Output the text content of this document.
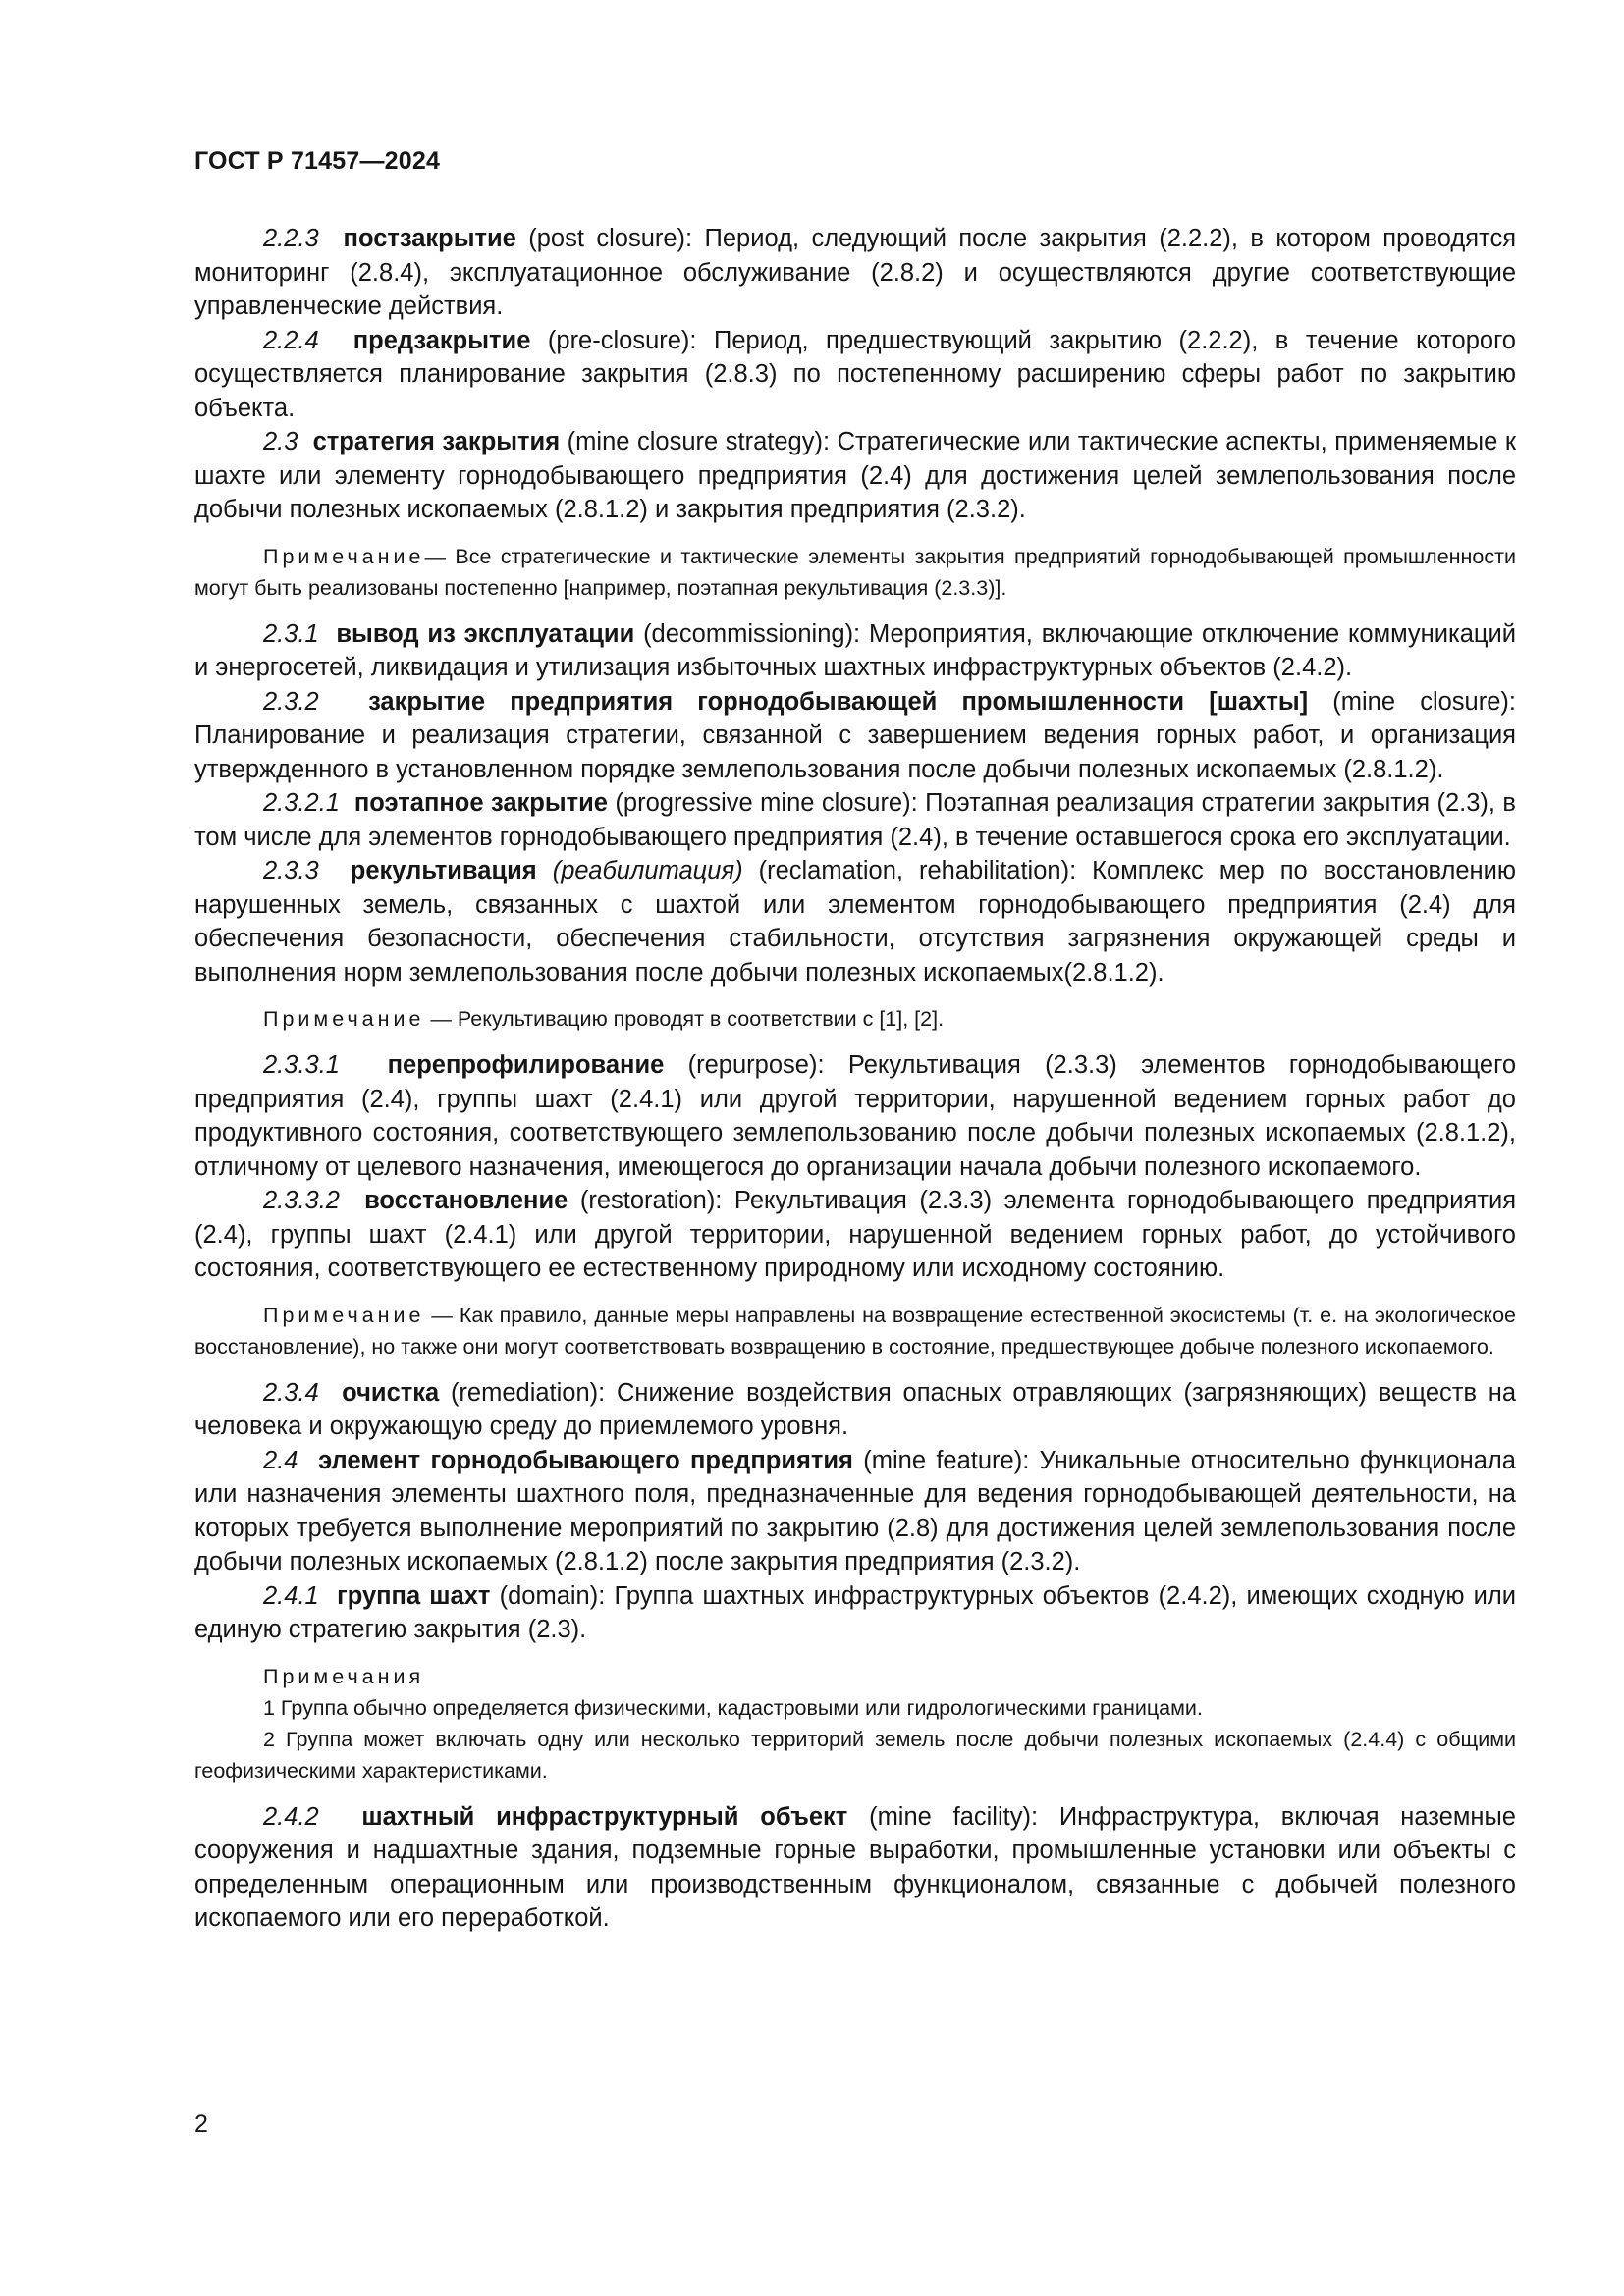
ГОСТ Р 71457—2024

2.2.3 постзакрытие (post closure): Период, следующий после закрытия (2.2.2), в котором проводятся мониторинг (2.8.4), эксплуатационное обслуживание (2.8.2) и осуществляются другие соответствующие управленческие действия.

2.2.4 предзакрытие (pre-closure): Период, предшествующий закрытию (2.2.2), в течение которого осуществляется планирование закрытия (2.8.3) по постепенному расширению сферы работ по закрытию объекта.

2.3 стратегия закрытия (mine closure strategy): Стратегические или тактические аспекты, применяемые к шахте или элементу горнодобывающего предприятия (2.4) для достижения целей землепользования после добычи полезных ископаемых (2.8.1.2) и закрытия предприятия (2.3.2).

Примечание— Все стратегические и тактические элементы закрытия предприятий горнодобывающей промышленности могут быть реализованы постепенно [например, поэтапная рекультивация (2.3.3)].

2.3.1 вывод из эксплуатации (decommissioning): Мероприятия, включающие отключение коммуникаций и энергосетей, ликвидация и утилизация избыточных шахтных инфраструктурных объектов (2.4.2).

2.3.2 закрытие предприятия горнодобывающей промышленности [шахты] (mine closure): Планирование и реализация стратегии, связанной с завершением ведения горных работ, и организация утвержденного в установленном порядке землепользования после добычи полезных ископаемых (2.8.1.2).

2.3.2.1 поэтапное закрытие (progressive mine closure): Поэтапная реализация стратегии закрытия (2.3), в том числе для элементов горнодобывающего предприятия (2.4), в течение оставшегося срока его эксплуатации.

2.3.3 рекультивация (реабилитация) (reclamation, rehabilitation): Комплекс мер по восстановлению нарушенных земель, связанных с шахтой или элементом горнодобывающего предприятия (2.4) для обеспечения безопасности, обеспечения стабильности, отсутствия загрязнения окружающей среды и выполнения норм землепользования после добычи полезных ископаемых(2.8.1.2).

Примечание — Рекультивацию проводят в соответствии с [1], [2].

2.3.3.1 перепрофилирование (repurpose): Рекультивация (2.3.3) элементов горнодобывающего предприятия (2.4), группы шахт (2.4.1) или другой территории, нарушенной ведением горных работ до продуктивного состояния, соответствующего землепользованию после добычи полезных ископаемых (2.8.1.2), отличному от целевого назначения, имеющегося до организации начала добычи полезного ископаемого.

2.3.3.2 восстановление (restoration): Рекультивация (2.3.3) элемента горнодобывающего предприятия (2.4), группы шахт (2.4.1) или другой территории, нарушенной ведением горных работ, до устойчивого состояния, соответствующего ее естественному природному или исходному состоянию.

Примечание — Как правило, данные меры направлены на возвращение естественной экосистемы (т. е. на экологическое восстановление), но также они могут соответствовать возвращению в состояние, предшествующее добыче полезного ископаемого.

2.3.4 очистка (remediation): Снижение воздействия опасных отравляющих (загрязняющих) веществ на человека и окружающую среду до приемлемого уровня.

2.4 элемент горнодобывающего предприятия (mine feature): Уникальные относительно функционала или назначения элементы шахтного поля, предназначенные для ведения горнодобывающей деятельности, на которых требуется выполнение мероприятий по закрытию (2.8) для достижения целей землепользования после добычи полезных ископаемых (2.8.1.2) после закрытия предприятия (2.3.2).

2.4.1 группа шахт (domain): Группа шахтных инфраструктурных объектов (2.4.2), имеющих сходную или единую стратегию закрытия (2.3).

Примечания

1 Группа обычно определяется физическими, кадастровыми или гидрологическими границами.

2 Группа может включать одну или несколько территорий земель после добычи полезных ископаемых (2.4.4) с общими геофизическими характеристиками.

2.4.2 шахтный инфраструктурный объект (mine facility): Инфраструктура, включая наземные сооружения и надшахтные здания, подземные горные выработки, промышленные установки или объекты с определенным операционным или производственным функционалом, связанные с добычей полезного ископаемого или его переработкой.

2
